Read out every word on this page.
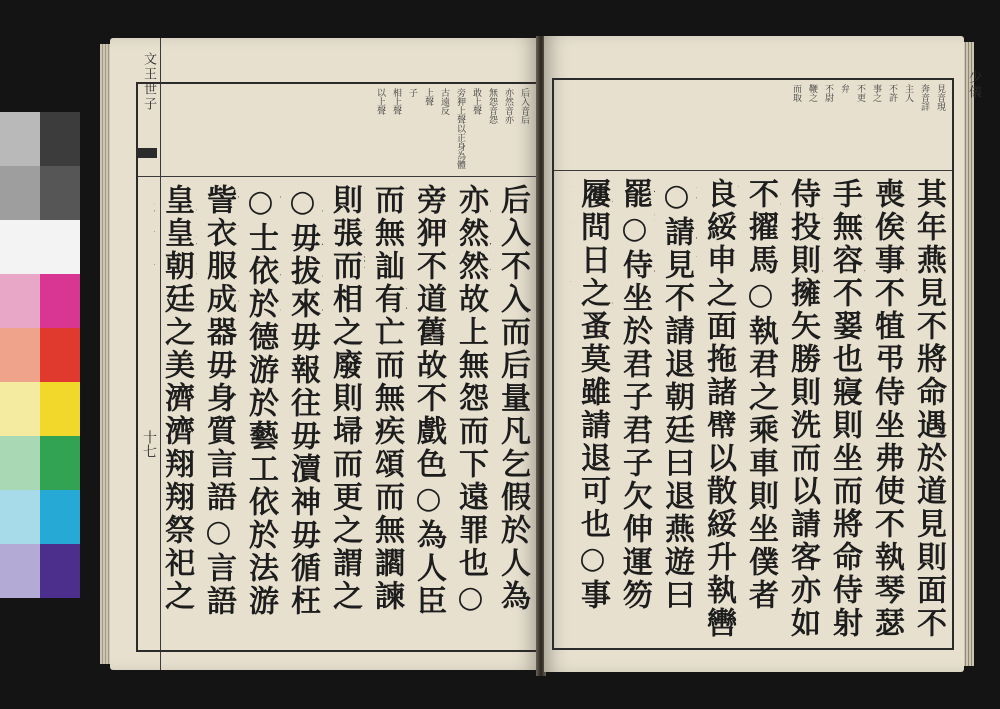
文王世子
十七
后入音后
亦然音亦
無怨音怨
敢上聲
旁狎上聲以正身為體
古遠反
上聲
子
相上聲
以上聲
后入不入而后量凡乞假於人為
亦然然故上無怨而下遠罪也○
旁狎不道舊故不戲色○為人臣
而無訕有亡而無疾頌而無讇諫
則張而相之廢則埽而更之謂之
○毋拔來毋報往毋瀆神毋循枉
○士依於德游於藝工依於法游
訾衣服成器毋身質言語○言語
皇皇朝廷之美濟濟翔翔祭祀之
見音現
奔音詳
主人
不許
事之
不更
弁
不尉
鞭之
而取
其年燕見不將命遇於道見則面不
喪俟事不犆弔侍坐弗使不執琴瑟
手無容不翣也寢則坐而將命侍射
侍投則擁矢勝則洗而以請客亦如
不擢馬○執君之乘車則坐僕者
良綏申之面拖諸幦以散綏升執轡
○請見不請退朝廷曰退燕遊曰
罷○侍坐於君子君子欠伸運笏
屨問日之蚤莫雖請退可也○事
少儀
